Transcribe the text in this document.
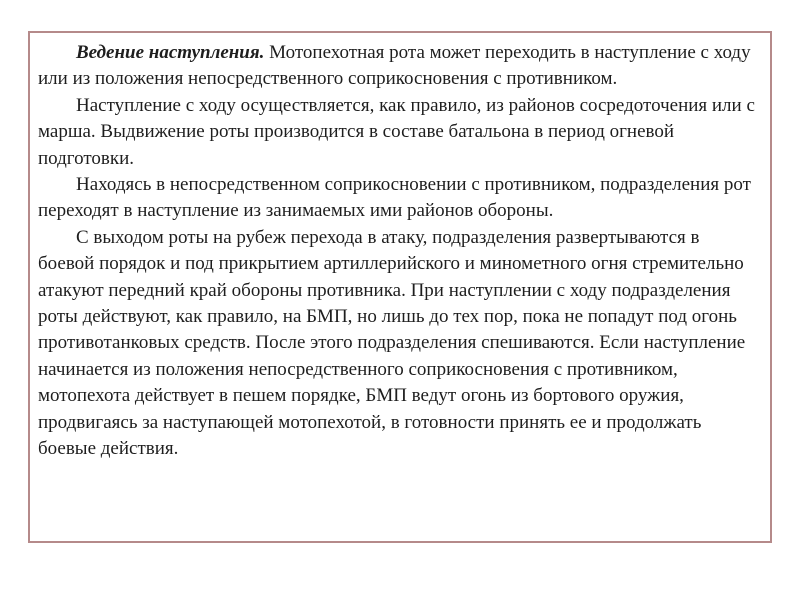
Ведение наступления. Мотопехотная рота может переходить в наступление с ходу или из положения непосредственного соприкосновения с противником.

Наступление с ходу осуществляется, как правило, из районов сосредоточения или с марша. Выдвижение роты производится в составе батальона в период огневой подготовки.

Находясь в непосредственном соприкосновении с противником, подразделения рот переходят в наступление из занимаемых ими районов обороны.

С выходом роты на рубеж перехода в атаку, подразделения развертываются в боевой порядок и под прикрытием артиллерийского и минометного огня стремительно атакуют передний край обороны противника. При наступлении с ходу подразделения роты действуют, как правило, на БМП, но лишь до тех пор, пока не попадут под огонь противотанковых средств. После этого подразделения спешиваются. Если наступление начинается из положения непосредственного соприкосновения с противником, мотопехота действует в пешем порядке, БМП ведут огонь из бортового оружия, продвигаясь за наступающей мотопехотой, в готовности принять ее и продолжать боевые действия.
